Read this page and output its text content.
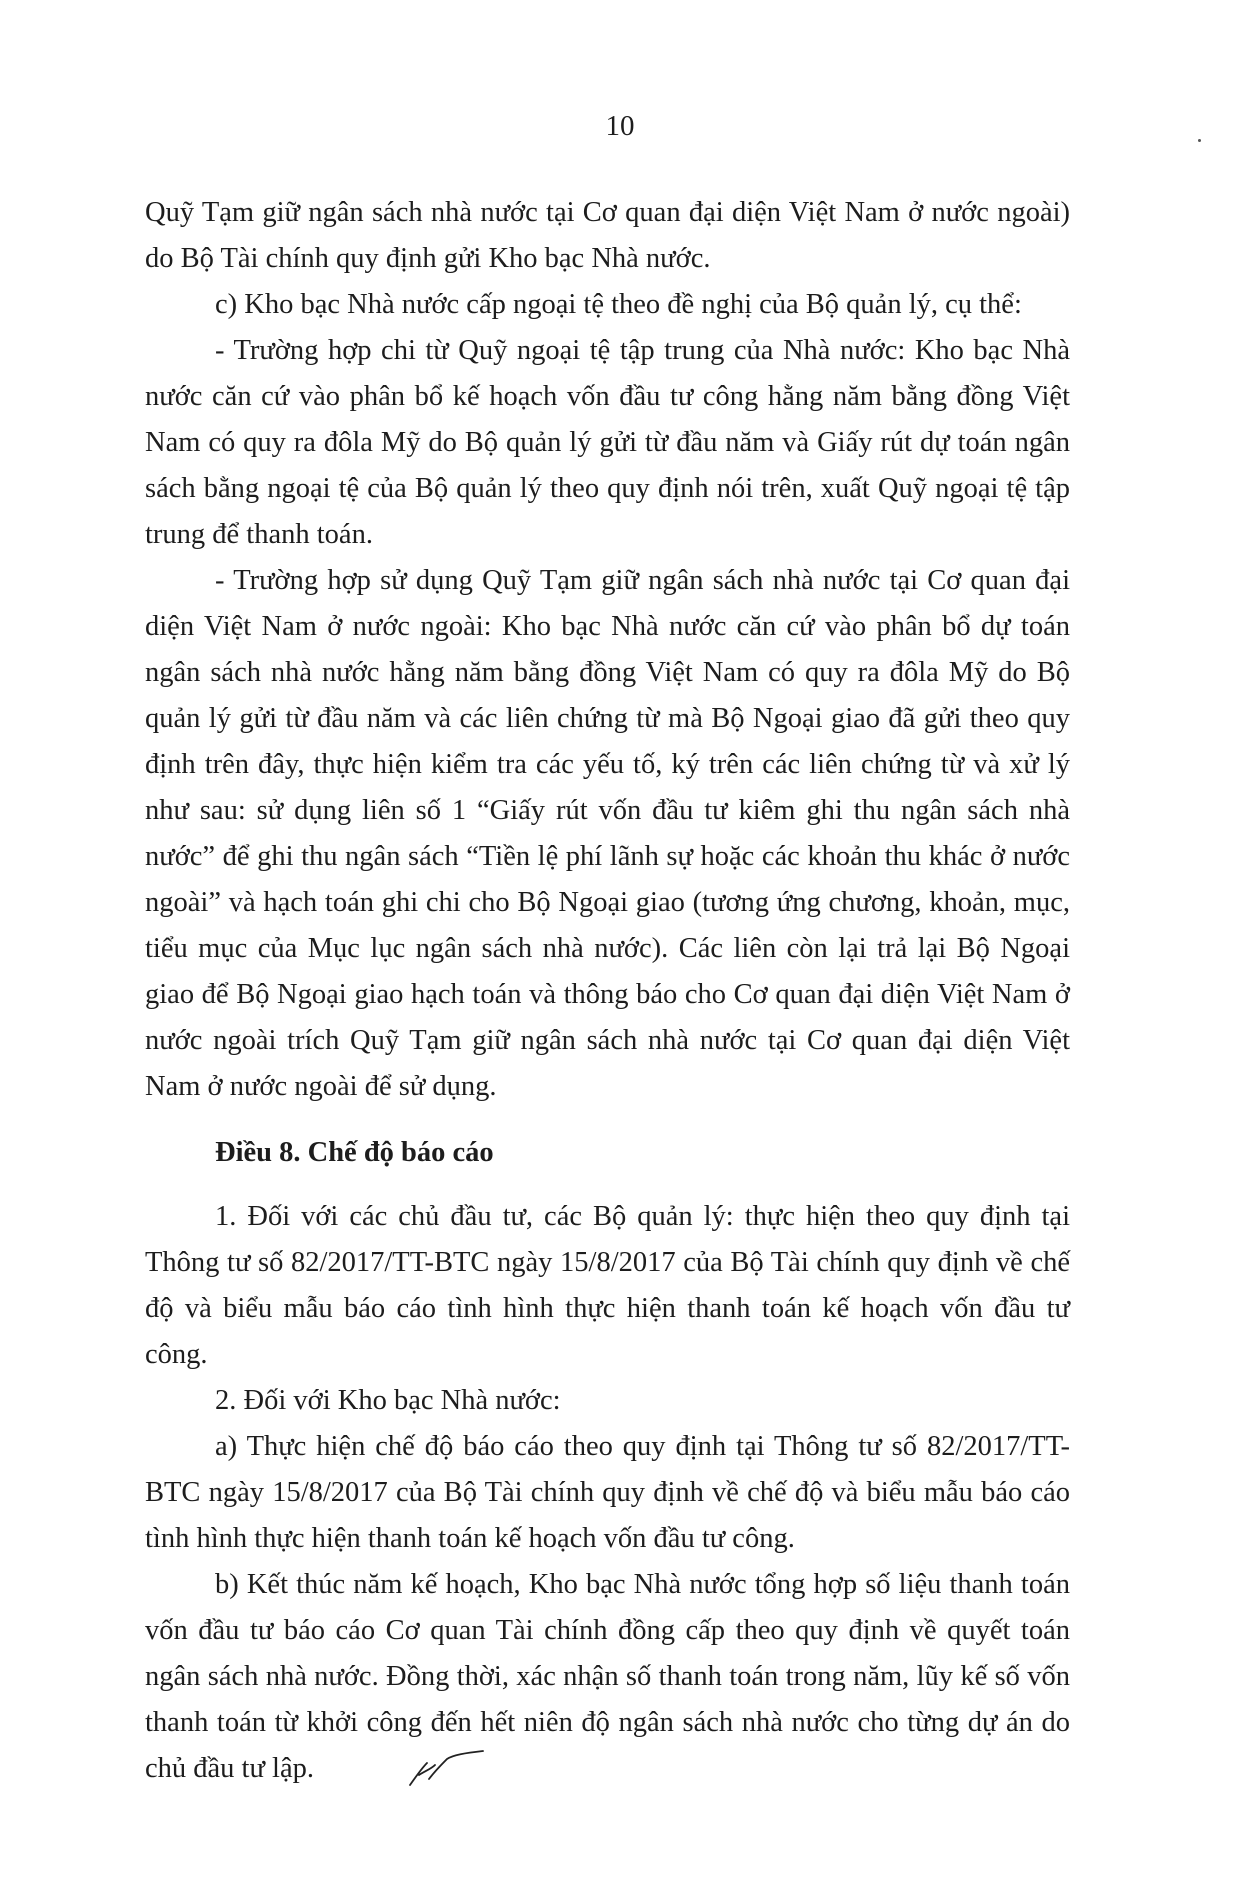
10

Quỹ Tạm giữ ngân sách nhà nước tại Cơ quan đại diện Việt Nam ở nước ngoài) do Bộ Tài chính quy định gửi Kho bạc Nhà nước.

c) Kho bạc Nhà nước cấp ngoại tệ theo đề nghị của Bộ quản lý, cụ thể:

- Trường hợp chi từ Quỹ ngoại tệ tập trung của Nhà nước: Kho bạc Nhà nước căn cứ vào phân bổ kế hoạch vốn đầu tư công hằng năm bằng đồng Việt Nam có quy ra đôla Mỹ do Bộ quản lý gửi từ đầu năm và Giấy rút dự toán ngân sách bằng ngoại tệ của Bộ quản lý theo quy định nói trên, xuất Quỹ ngoại tệ tập trung để thanh toán.

- Trường hợp sử dụng Quỹ Tạm giữ ngân sách nhà nước tại Cơ quan đại diện Việt Nam ở nước ngoài: Kho bạc Nhà nước căn cứ vào phân bổ dự toán ngân sách nhà nước hằng năm bằng đồng Việt Nam có quy ra đôla Mỹ do Bộ quản lý gửi từ đầu năm và các liên chứng từ mà Bộ Ngoại giao đã gửi theo quy định trên đây, thực hiện kiểm tra các yếu tố, ký trên các liên chứng từ và xử lý như sau: sử dụng liên số 1 “Giấy rút vốn đầu tư kiêm ghi thu ngân sách nhà nước” để ghi thu ngân sách “Tiền lệ phí lãnh sự hoặc các khoản thu khác ở nước ngoài” và hạch toán ghi chi cho Bộ Ngoại giao (tương ứng chương, khoản, mục, tiểu mục của Mục lục ngân sách nhà nước). Các liên còn lại trả lại Bộ Ngoại giao để Bộ Ngoại giao hạch toán và thông báo cho Cơ quan đại diện Việt Nam ở nước ngoài trích Quỹ Tạm giữ ngân sách nhà nước tại Cơ quan đại diện Việt Nam ở nước ngoài để sử dụng.

Điều 8. Chế độ báo cáo

1. Đối với các chủ đầu tư, các Bộ quản lý: thực hiện theo quy định tại Thông tư số 82/2017/TT-BTC ngày 15/8/2017 của Bộ Tài chính quy định về chế độ và biểu mẫu báo cáo tình hình thực hiện thanh toán kế hoạch vốn đầu tư công.

2. Đối với Kho bạc Nhà nước:

a) Thực hiện chế độ báo cáo theo quy định tại Thông tư số 82/2017/TT-BTC ngày 15/8/2017 của Bộ Tài chính quy định về chế độ và biểu mẫu báo cáo tình hình thực hiện thanh toán kế hoạch vốn đầu tư công.

b) Kết thúc năm kế hoạch, Kho bạc Nhà nước tổng hợp số liệu thanh toán vốn đầu tư báo cáo Cơ quan Tài chính đồng cấp theo quy định về quyết toán ngân sách nhà nước. Đồng thời, xác nhận số thanh toán trong năm, lũy kế số vốn thanh toán từ khởi công đến hết niên độ ngân sách nhà nước cho từng dự án do chủ đầu tư lập.
